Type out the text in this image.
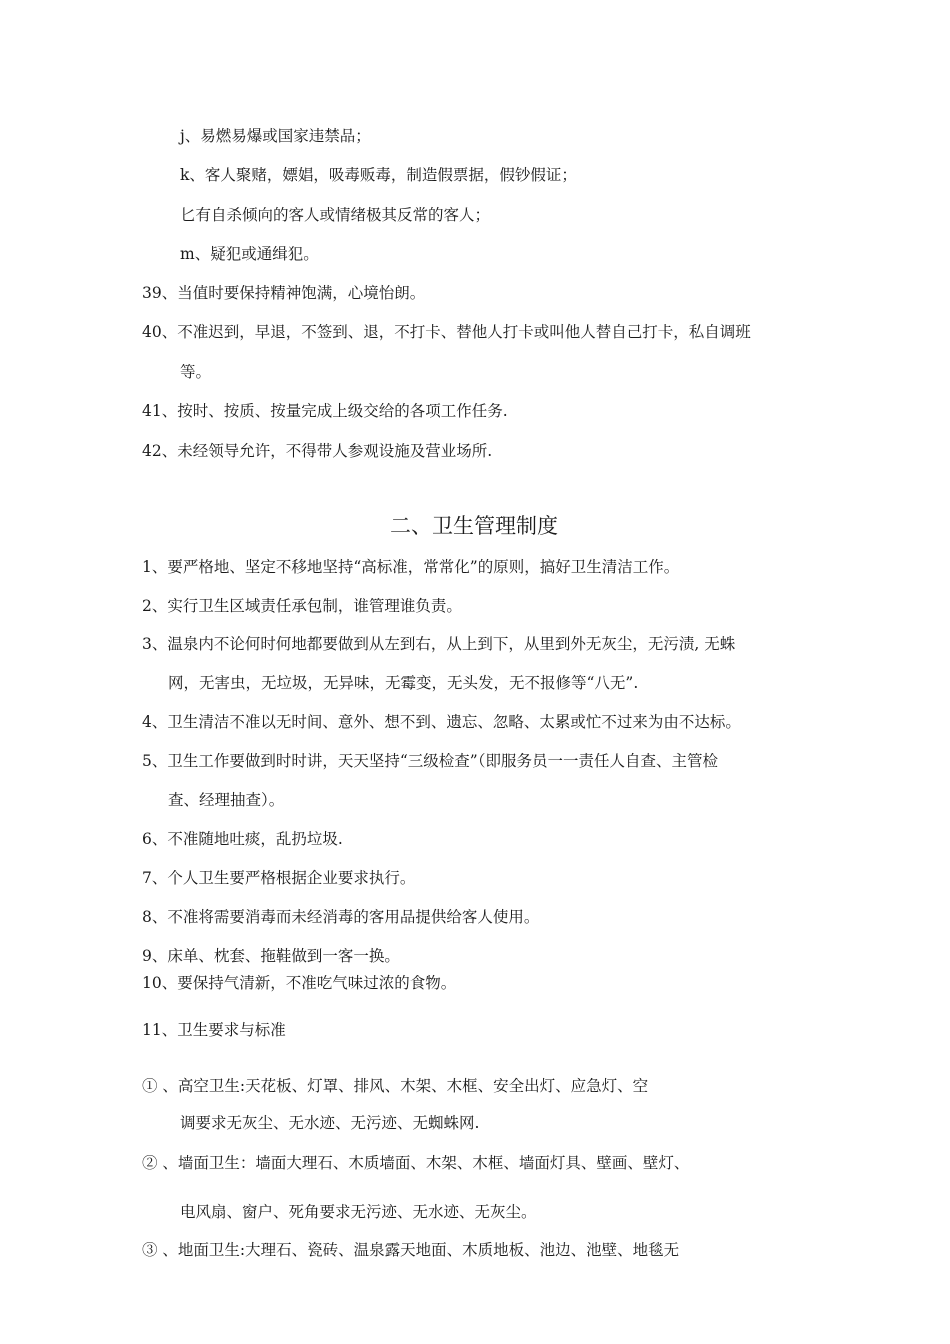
j、易燃易爆或国家违禁品；
k、客人聚赌，嫖娼，吸毒贩毒，制造假票据，假钞假证；
匕有自杀倾向的客人或情绪极其反常的客人；
m、疑犯或通缉犯。
39、当值时要保持精神饱满，心境怡朗。
40、不准迟到，早退，不签到、退，不打卡、替他人打卡或叫他人替自己打卡，私自调班
等。
41、按时、按质、按量完成上级交给的各项工作任务.
42、未经领导允许，不得带人参观设施及营业场所.
二、卫生管理制度
1、要严格地、坚定不移地坚持“高标准，常常化”的原则，搞好卫生清洁工作。
2、实行卫生区域责任承包制，谁管理谁负责。
3、温泉内不论何时何地都要做到从左到右，从上到下，从里到外无灰尘，无污渍, 无蛛
网，无害虫，无垃圾，无异味，无霉变，无头发，无不报修等“八无”.
4、卫生清洁不准以无时间、意外、想不到、遗忘、忽略、太累或忙不过来为由不达标。
5、卫生工作要做到时时讲，天天坚持“三级检查”（即服务员一一责任人自查、主管检
查、经理抽查）。
6、不准随地吐痰，乱扔垃圾.
7、个人卫生要严格根据企业要求执行。
8、不准将需要消毒而未经消毒的客用品提供给客人使用。
9、床单、枕套、拖鞋做到一客一换。
10、要保持气清新，不准吃气味过浓的食物。
11、卫生要求与标准
① 、高空卫生:天花板、灯罩、排风、木架、木框、安全出灯、应急灯、空
调要求无灰尘、无水迹、无污迹、无蜘蛛网.
② 、墙面卫生：墙面大理石、木质墙面、木架、木框、墙面灯具、壁画、壁灯、
电风扇、窗户、死角要求无污迹、无水迹、无灰尘。
③ 、地面卫生:大理石、瓷砖、温泉露天地面、木质地板、池边、池壁、地毯无
